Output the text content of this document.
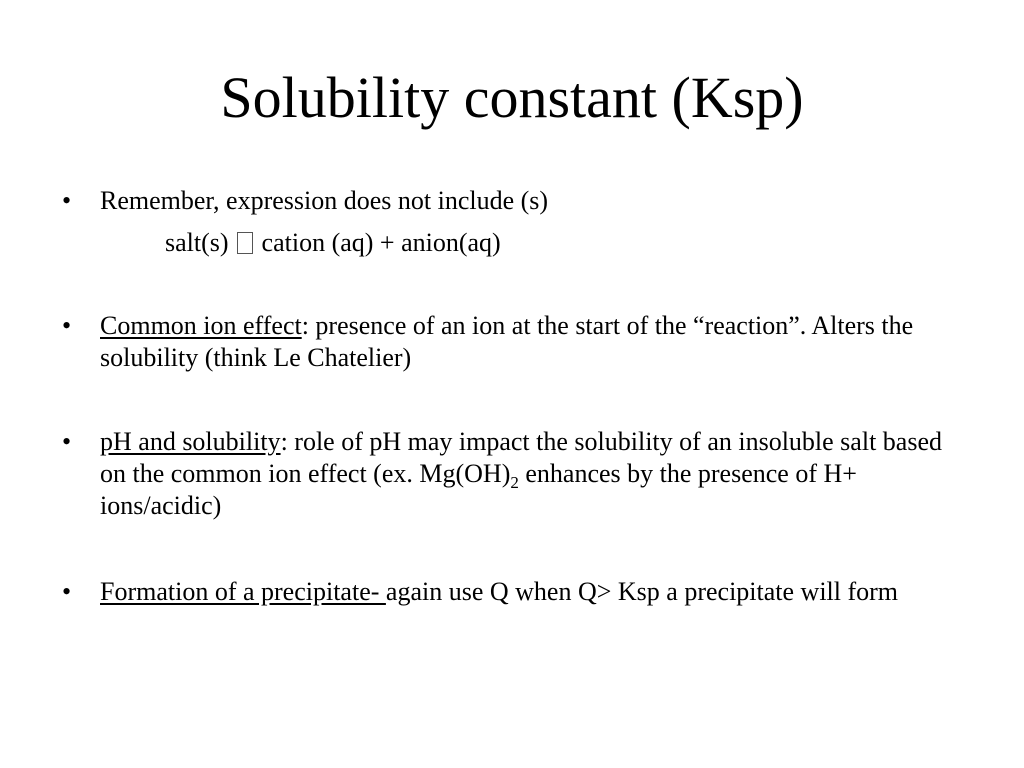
Solubility constant (Ksp)
•	Remember, expression does not include (s)
salt(s)  cation (aq) + anion(aq)
•	Common ion effect: presence of an ion at the start of the “reaction”. Alters the solubility (think Le Chatelier)
•	pH and solubility: role of pH may impact the solubility of an insoluble salt based on the common ion effect (ex. $Mg(OH)_2$ enhances by the presence of H+ ions/acidic)
•	Formation of a precipitate- again use Q when Q> Ksp a precipitate will form
